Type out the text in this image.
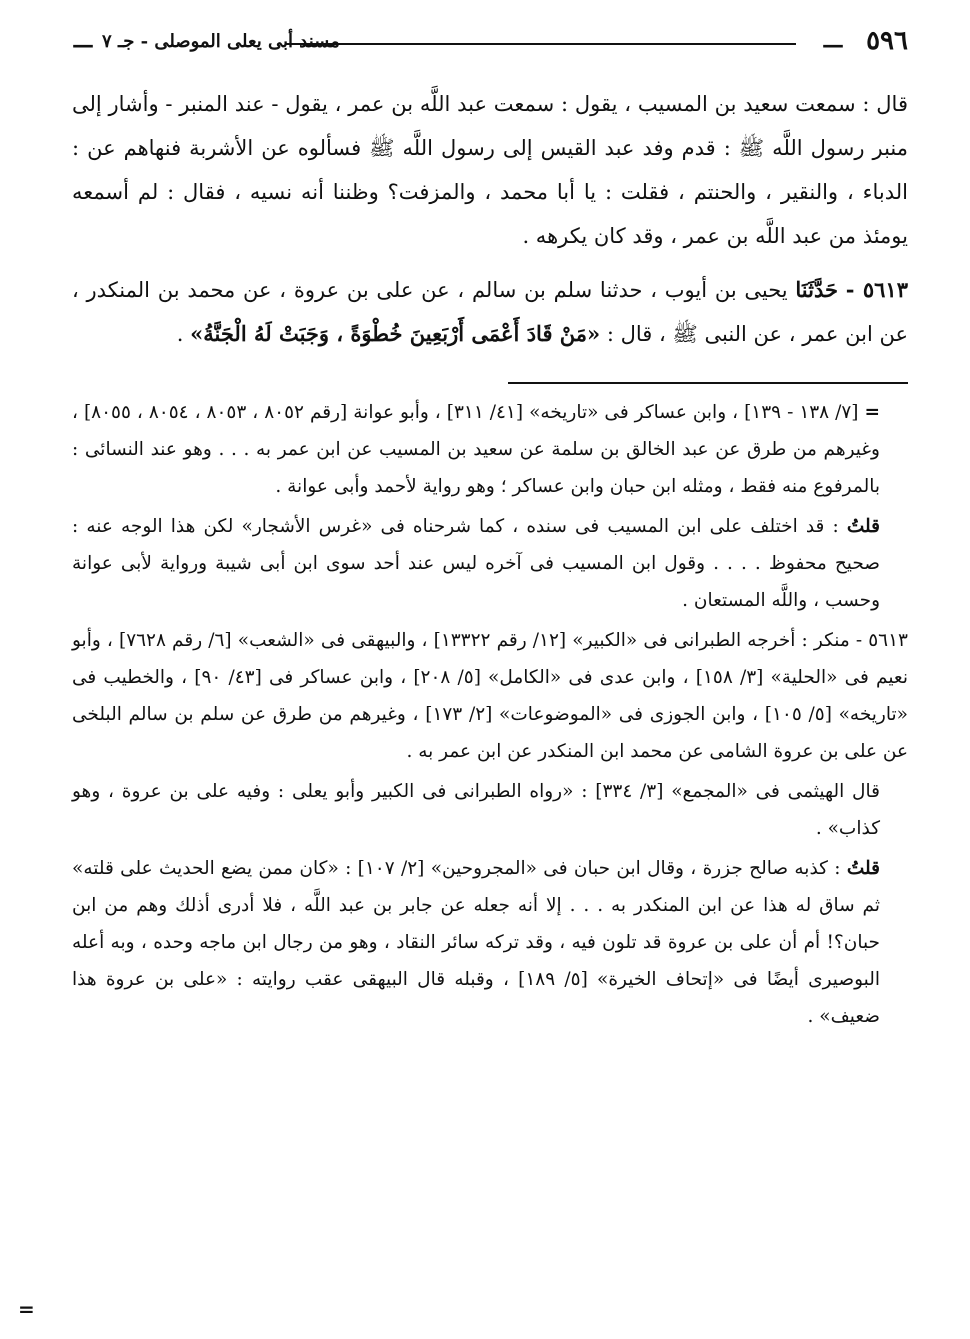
٥٩٦
—
مسند أبى يعلى الموصلى - جـ ٧
—

قال : سمعت سعيد بن المسيب ، يقول : سمعت عبد اللَّه بن عمر ، يقول - عند المنبر - وأشار إلى منبر رسول اللَّه ﷺ : قدم وفد عبد القيس إلى رسول اللَّه ﷺ فسألوه عن الأشربة فنهاهم عن : الدباء ، والنقير ، والحنتم ، فقلت : يا أبا محمد ، والمزفت؟ وظننا أنه نسيه ، فقال : لم أسمعه يومئذ من عبد اللَّه بن عمر ، وقد كان يكرهه .

٥٦١٣ - حَدَّثَنَا يحيى بن أيوب ، حدثنا سلم بن سالم ، عن على بن عروة ، عن محمد بن المنكدر ، عن ابن عمر ، عن النبى ﷺ ، قال : «مَنْ قَادَ أَعْمَى أَرْبَعِينَ خُطْوَةً ، وَجَبَتْ لَهُ الْجَنَّةُ» .

=[٧/ ١٣٨ - ١٣٩] ، وابن عساكر فى «تاريخه» [٤١/ ٣١١] ، وأبو عوانة [رقم ٨٠٥٢ ، ٨٠٥٣ ، ٨٠٥٤ ، ٨٠٥٥] ، وغيرهم من طرق عن عبد الخالق بن سلمة عن سعيد بن المسيب عن ابن عمر به . . . وهو عند النسائى : بالمرفوع منه فقط ، ومثله ابن حبان وابن عساكر ؛ وهو رواية لأحمد وأبى عوانة .

قلتُ : قد اختلف على ابن المسيب فى سنده ، كما شرحناه فى «غرس الأشجار» لكن هذا الوجه عنه : صحيح محفوظ . . . . وقول ابن المسيب فى آخره ليس عند أحد سوى ابن أبى شيبة ورواية لأبى عوانة وحسب ، واللَّه المستعان .

٥٦١٣ - منكر : أخرجه الطبرانى فى «الكبير» [١٢/ رقم ١٣٣٢٢] ، والبيهقى فى «الشعب» [٦/ رقم ٧٦٢٨] ، وأبو نعيم فى «الحلية» [٣/ ١٥٨] ، وابن عدى فى «الكامل» [٥/ ٢٠٨] ، وابن عساكر فى [٤٣/ ٩٠] ، والخطيب فى «تاريخه» [٥/ ١٠٥] ، وابن الجوزى فى «الموضوعات» [٢/ ١٧٣] ، وغيرهم من طرق عن سلم بن سالم البلخى عن على بن عروة الشامى عن محمد ابن المنكدر عن ابن عمر به .

قال الهيثمى فى «المجمع» [٣/ ٣٣٤] : «رواه الطبرانى فى الكبير وأبو يعلى : وفيه على بن عروة ، وهو كذاب» .

قلتُ : كذبه صالح جزرة ، وقال ابن حبان فى «المجروحين» [٢/ ١٠٧] : «كان ممن يضع الحديث على قلته» ثم ساق له هذا عن ابن المنكدر به . . . إلا أنه جعله عن جابر بن عبد اللَّه ، فلا أدرى أذلك وهم من ابن حبان؟! أم أن على بن عروة قد تلون فيه ، وقد تركه سائر النقاد ، وهو من رجال ابن ماجه وحده ، وبه أعله البوصيرى أيضًا فى «إتحاف الخيرة» [٥/ ١٨٩] ، وقبله قال البيهقى عقب روايته : «على بن عروة هذا ضعيف» .

=
